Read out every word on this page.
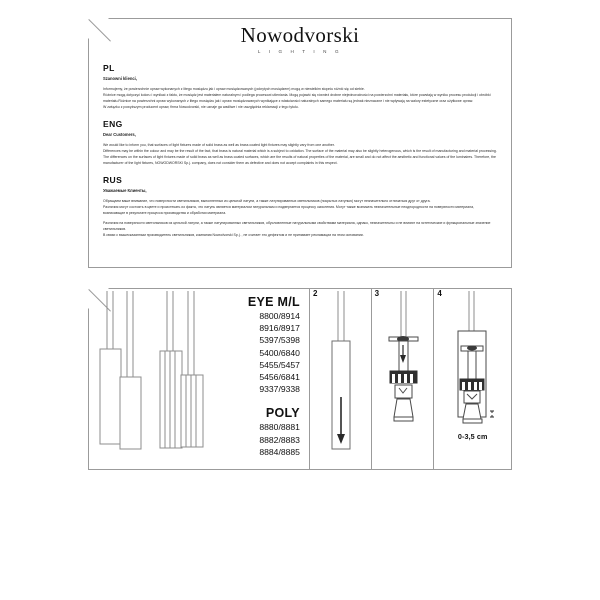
Nowodvorski
L I G H T I N G
PL
Szanowni klienci,

Informujemy, że powierzchnie opraw wykonanych z litego mosiądzu jak i opraw mosiądzowanych (pokrytych mosiądzem) mogą w niewielkim stopniu różnić się od siebie.

Różnice mogą dotyczyć koloru i wynikać z faktu, że mosiądz jest materiałem naturalnym i podlega procesowi utleniania. Mogą pojawić się również drobne niejednorodności na powierzchni materiału, które powstają w wyniku procesu produkcji i obróbki materiału.Różnice na powierzchni opraw wykonanych z litego mosiądzu jak i opraw mosiądzowanych wynikające z właściwości naturalnych samego materiału są jednak nieznaczne i nie wpływają na walory estetyczne oraz użytkowe opraw.

W związku z powyższym producent opraw, firma Nowodvorski, nie uznaje ga wadliwe i nie uwzględnia reklamacji z tego tytułu.

ENG
Dear Customers,

We would like to inform you, that surfaces of light fixtures made of solid brass as well as brass coated light fixtures may slightly vary from one another.

Differences may be within the colour and may be the result of the fact, that brass is natural material which is a subject to oxidation. The surface of the material may also be slightly heterogenous, which is the result of manufacturing and material processing.

The differences on the surfaces of light fixtures made of solid brass as well as brass coated surfaces, which are the results of natural properties of the material, are small and do not affect the aesthetic and functional values of the luminaires. Therefore, the manufacturer of the light fixtures, NOWODWORSKI Sp.j. company, does not consider them as defective and does not accept complaints in this respect.

RUS
Уважаемые Клиенты,

Обращаем ваше внимание, что поверхности светильников, выполненных из цельной латуни, а также латунированных светильников (покрытых латунью) могут незначительно отличаться друг от друга.

Различия могут состоять в цвете и проистекать из факта, что латунь является материалом натуральным и подвергается процессу окисления. Могут также возникать незначительные неоднородности на поверхности материала, возникающие в результате процесса производства и обработки материала.

Различия на поверхности светильников из цельной латуни, а также латунированных светильников, обусловленные натуральными свойствами материала, однако, незначительны и не влияют на эстетические и функциональные значение светильников.

В связи с вышесказанным производитель светильников, компания Nowodvorski Sp.j. , не считает это дефектом и не принимает рекламации на этом основании.

EYE M/L
8800/8914
8916/8917
5397/5398
5400/6840
5455/5457
5456/6841
9337/9338
POLY
8880/8881
8882/8883
8884/8885
2	3	4
0-3,5 cm
